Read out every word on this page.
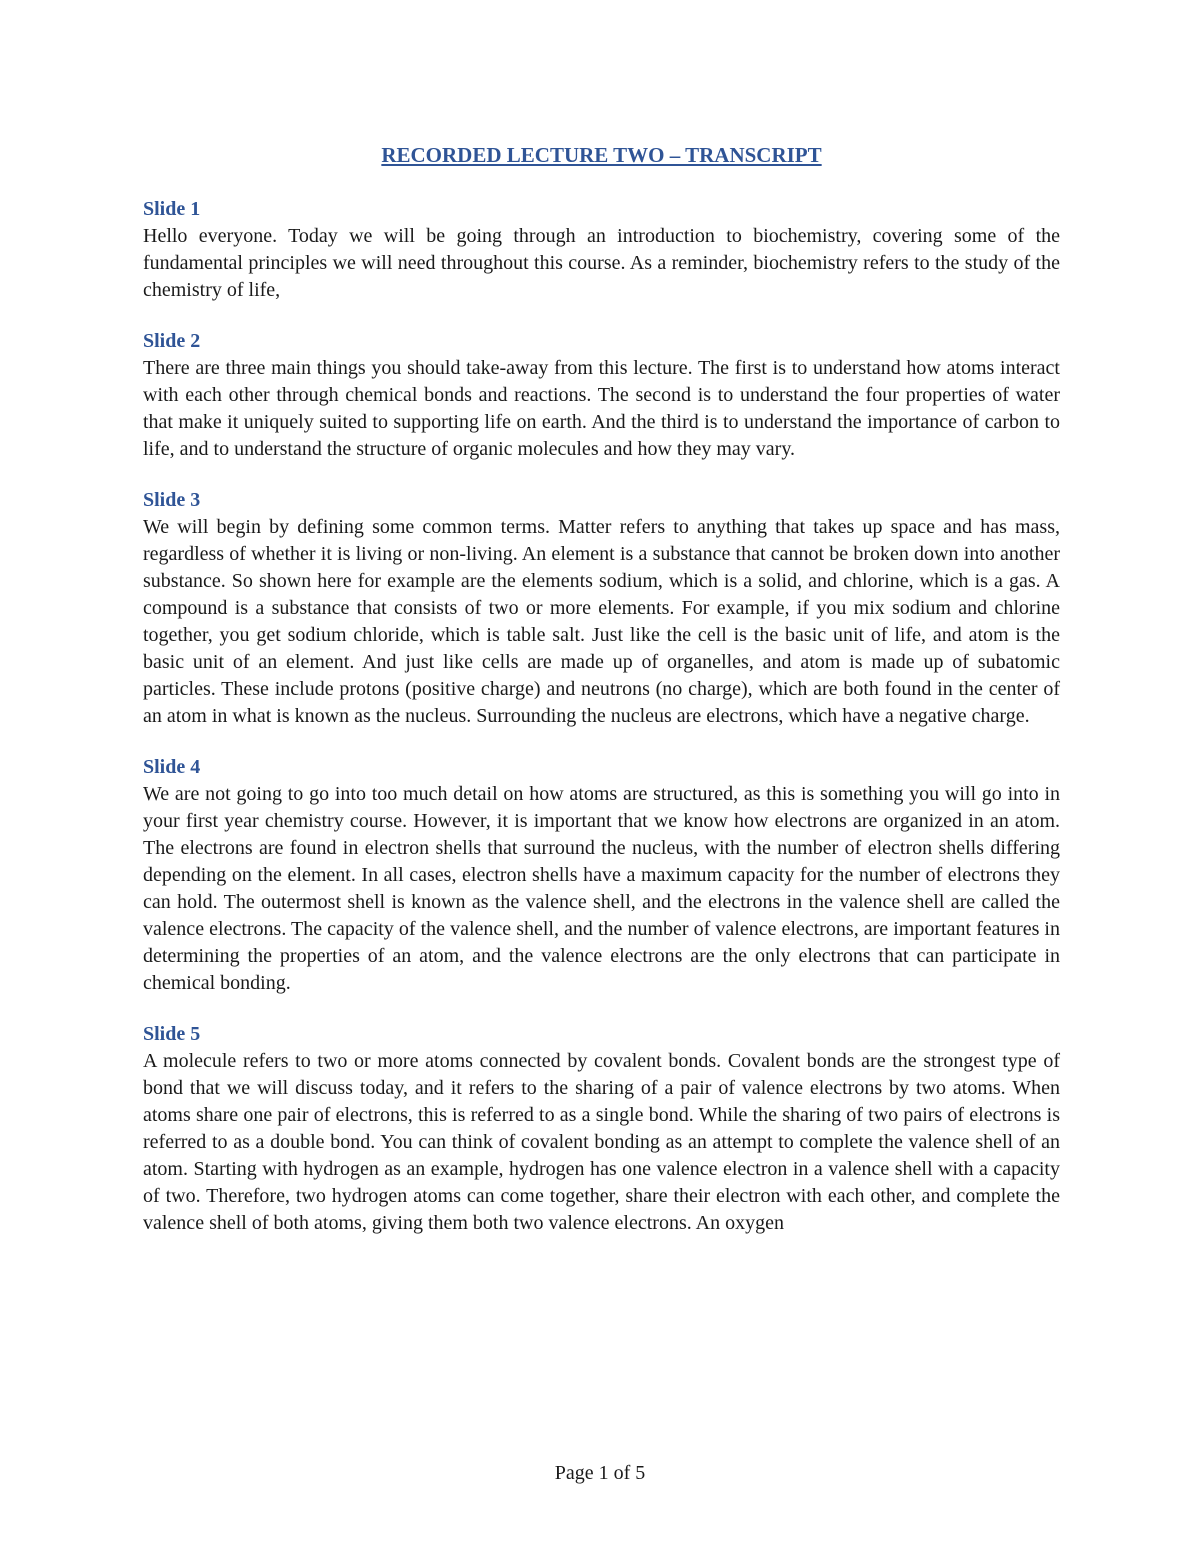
RECORDED LECTURE TWO – TRANSCRIPT

Slide 1

Hello everyone. Today we will be going through an introduction to biochemistry, covering some of the fundamental principles we will need throughout this course. As a reminder, biochemistry refers to the study of the chemistry of life,

Slide 2

There are three main things you should take-away from this lecture. The first is to understand how atoms interact with each other through chemical bonds and reactions. The second is to understand the four properties of water that make it uniquely suited to supporting life on earth. And the third is to understand the importance of carbon to life, and to understand the structure of organic molecules and how they may vary.

Slide 3

We will begin by defining some common terms. Matter refers to anything that takes up space and has mass, regardless of whether it is living or non-living. An element is a substance that cannot be broken down into another substance. So shown here for example are the elements sodium, which is a solid, and chlorine, which is a gas. A compound is a substance that consists of two or more elements. For example, if you mix sodium and chlorine together, you get sodium chloride, which is table salt. Just like the cell is the basic unit of life, and atom is the basic unit of an element. And just like cells are made up of organelles, and atom is made up of subatomic particles. These include protons (positive charge) and neutrons (no charge), which are both found in the center of an atom in what is known as the nucleus. Surrounding the nucleus are electrons, which have a negative charge.

Slide 4

We are not going to go into too much detail on how atoms are structured, as this is something you will go into in your first year chemistry course. However, it is important that we know how electrons are organized in an atom. The electrons are found in electron shells that surround the nucleus, with the number of electron shells differing depending on the element. In all cases, electron shells have a maximum capacity for the number of electrons they can hold. The outermost shell is known as the valence shell, and the electrons in the valence shell are called the valence electrons. The capacity of the valence shell, and the number of valence electrons, are important features in determining the properties of an atom, and the valence electrons are the only electrons that can participate in chemical bonding.

Slide 5

A molecule refers to two or more atoms connected by covalent bonds. Covalent bonds are the strongest type of bond that we will discuss today, and it refers to the sharing of a pair of valence electrons by two atoms. When atoms share one pair of electrons, this is referred to as a single bond. While the sharing of two pairs of electrons is referred to as a double bond. You can think of covalent bonding as an attempt to complete the valence shell of an atom. Starting with hydrogen as an example, hydrogen has one valence electron in a valence shell with a capacity of two. Therefore, two hydrogen atoms can come together, share their electron with each other, and complete the valence shell of both atoms, giving them both two valence electrons. An oxygen

Page 1 of 5
